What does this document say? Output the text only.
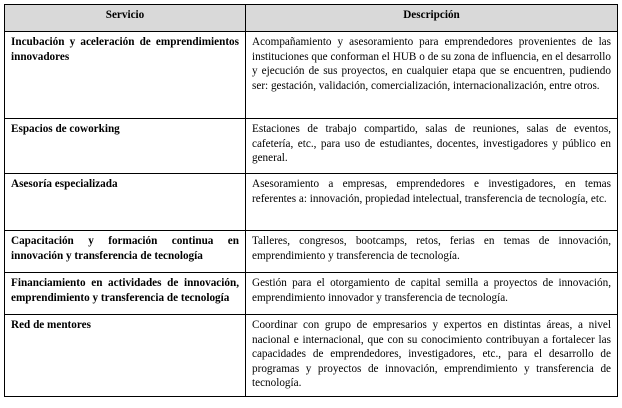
Servicio	Descripción
Incubación y aceleración de emprendimientos innovadores	Acompañamiento y asesoramiento para emprendedores provenientes de las instituciones que conforman el HUB o de su zona de influencia, en el desarrollo y ejecución de sus proyectos, en cualquier etapa que se encuentren, pudiendo ser: gestación, validación, comercialización, internacionalización, entre otros.
Espacios de coworking	Estaciones de trabajo compartido, salas de reuniones, salas de eventos, cafetería, etc., para uso de estudiantes, docentes, investigadores y público en general.
Asesoría especializada	Asesoramiento a empresas, emprendedores e investigadores, en temas referentes a: innovación, propiedad intelectual, transferencia de tecnología, etc.
Capacitación y formación continua en innovación y transferencia de tecnología	Talleres, congresos, bootcamps, retos, ferias en temas de innovación, emprendimiento y transferencia de tecnología.
Financiamiento en actividades de innovación, emprendimiento y transferencia de tecnología	Gestión para el otorgamiento de capital semilla a proyectos de innovación, emprendimiento innovador y transferencia de tecnología.
Red de mentores	Coordinar con grupo de empresarios y expertos en distintas áreas, a nivel nacional e internacional, que con su conocimiento contribuyan a fortalecer las capacidades de emprendedores, investigadores, etc., para el desarrollo de programas y proyectos de innovación, emprendimiento y transferencia de tecnología.
